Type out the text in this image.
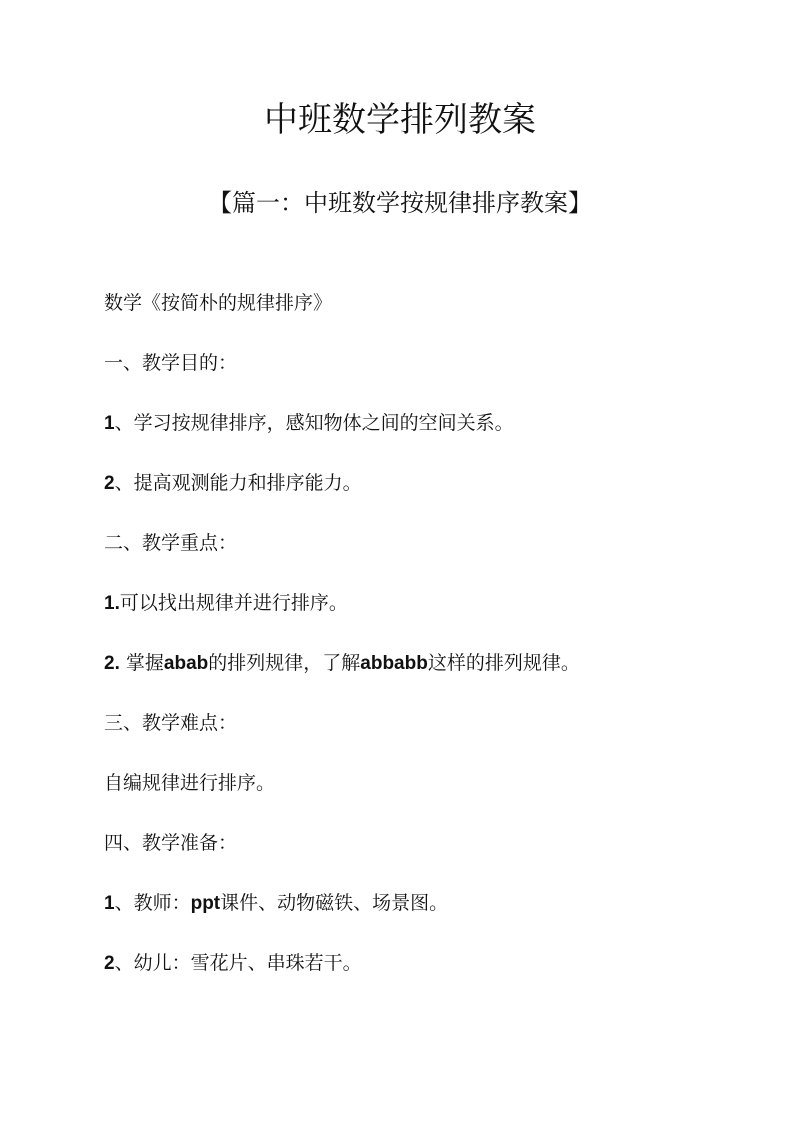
中班数学排列教案
【篇一：中班数学按规律排序教案】

数学《按简朴的规律排序》

一、教学目的：

1、学习按规律排序，感知物体之间的空间关系。

2、提高观测能力和排序能力。

二、教学重点：

1.可以找出规律并进行排序。

2. 掌握abab的排列规律，了解abbabb这样的排列规律。

三、教学难点：

自编规律进行排序。

四、教学准备：

1、教师：ppt课件、动物磁铁、场景图。

2、幼儿：雪花片、串珠若干。
